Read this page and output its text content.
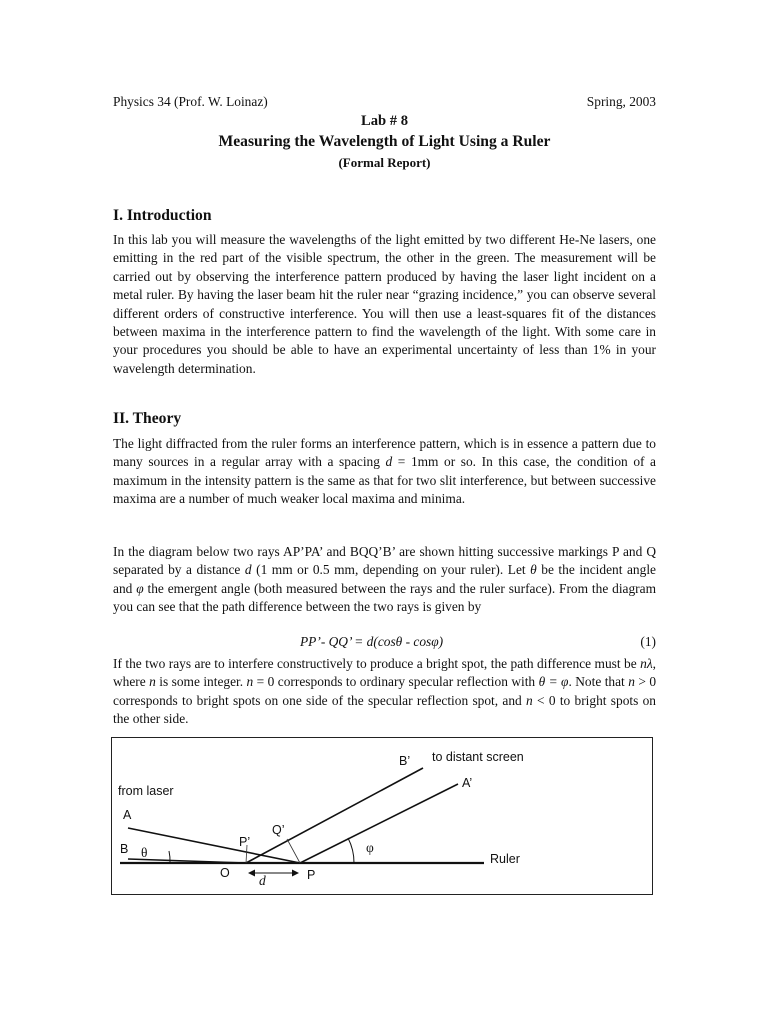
Physics 34 (Prof. W. Loinaz)	Spring, 2003
Lab # 8
Measuring the Wavelength of Light Using a Ruler
(Formal Report)
I. Introduction

In this lab you will measure the wavelengths of the light emitted by two different He-Ne lasers, one emitting in the red part of the visible spectrum, the other in the green. The measurement will be carried out by observing the interference pattern produced by having the laser light incident on a metal ruler. By having the laser beam hit the ruler near “grazing incidence,” you can observe several different orders of constructive interference. You will then use a least-squares fit of the distances between maxima in the interference pattern to find the wavelength of the light. With some care in your procedures you should be able to have an experimental uncertainty of less than 1% in your wavelength determination.

II. Theory

The light diffracted from the ruler forms an interference pattern, which is in essence a pattern due to many sources in a regular array with a spacing d = 1mm or so. In this case, the condition of a maximum in the intensity pattern is the same as that for two slit interference, but between successive maxima are a number of much weaker local maxima and minima.

In the diagram below two rays AP’PA’ and BQQ’B’ are shown hitting successive markings P and Q separated by a distance d (1 mm or 0.5 mm, depending on your ruler). Let θ be the incident angle and φ the emergent angle (both measured between the rays and the ruler surface). From the diagram you can see that the path difference between the two rays is given by

PP’- QQ’ = d(cosθ - cosφ)	(1)

If the two rays are to interfere constructively to produce a bright spot, the path difference must be nλ, where n is some integer. n = 0 corresponds to ordinary specular reflection with θ = φ. Note that n > 0 corresponds to bright spots on one side of the specular reflection spot, and n < 0 to bright spots on the other side.

B’ to distant screen
A’
from laser
A
Q’
P’
B θ	φ
Ruler
O d	P
